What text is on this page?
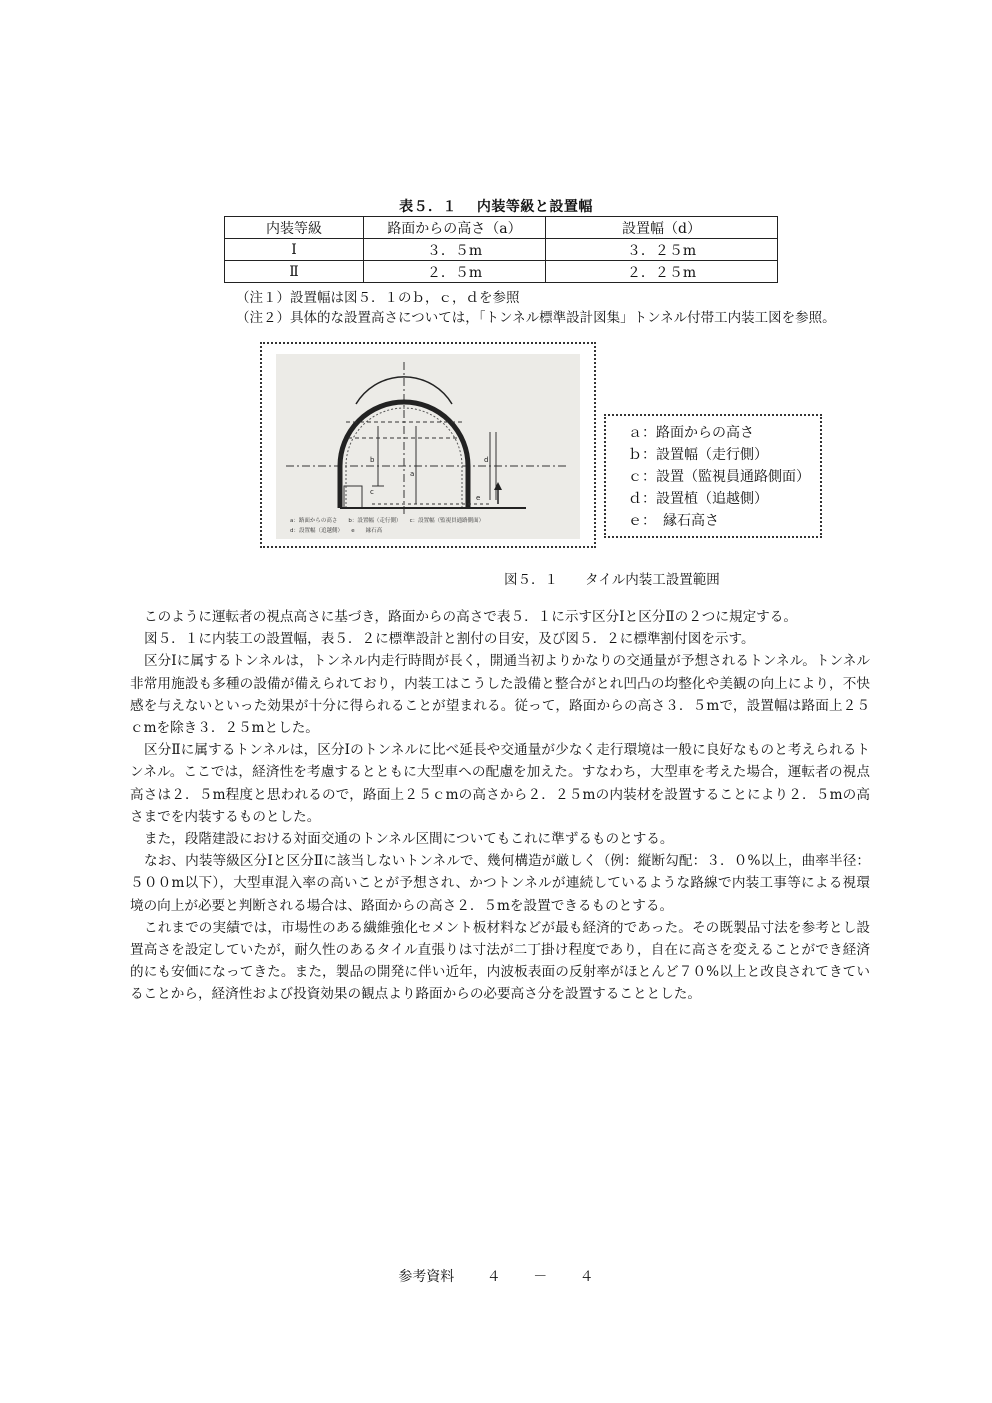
表５．１　 内装等級と設置幅
内装等級	路面からの高さ（a）	設置幅（d）
Ⅰ	３．５m	３．２５m
Ⅱ	２．５m	２．２５m
（注１）設置幅は図５．１のｂ，ｃ，ｄを参照
（注２）具体的な設置高さについては，「トンネル標準設計図集」トンネル付帯工内装工図を参照。
b	d
a
c
e
a：路面からの高さ　　b：設置幅（走行側）　　c：設置幅（監視員通路側面）
d：設置幅（追越側）　　e　　縁石高
ａ：路面からの高さ
ｂ：設置幅（走行側）
ｃ：設置（監視員通路側面）
ｄ：設置植（追越側）
ｅ：　縁石高さ
図５．１　　タイル内装工設置範囲

このように運転者の視点高さに基づき，路面からの高さで表５．１に示す区分Ⅰと区分Ⅱの２つに規定する。

図５．１に内装工の設置幅，表５．２に標準設計と割付の目安，及び図５．２に標準割付図を示す。

区分Ⅰに属するトンネルは，トンネル内走行時間が長く，開通当初よりかなりの交通量が予想されるトンネル。トンネル非常用施設も多種の設備が備えられており，内装工はこうした設備と整合がとれ凹凸の均整化や美観の向上により，不快感を与えないといった効果が十分に得られることが望まれる。従って，路面からの高さ３．５mで，設置幅は路面上２５ｃmを除き３．２５mとした。

区分Ⅱに属するトンネルは，区分Ⅰのトンネルに比べ延長や交通量が少なく走行環境は一般に良好なものと考えられるトンネル。ここでは，経済性を考慮するとともに大型車への配慮を加えた。すなわち，大型車を考えた場合，運転者の視点高さは２．５m程度と思われるので，路面上２５ｃmの高さから２．２５mの内装材を設置することにより２．５mの高さまでを内装するものとした。

また，段階建設における対面交通のトンネル区間についてもこれに準ずるものとする。

なお、内装等級区分Ⅰと区分Ⅱに該当しないトンネルで、幾何構造が厳しく（例：縦断勾配：３．０%以上，曲率半径：５００m以下），大型車混入率の高いことが予想され、かつトンネルが連続しているような路線で内装工事等による視環境の向上が必要と判断される場合は、路面からの高さ２．５mを設置できるものとする。

これまでの実績では，市場性のある繊維強化セメント板材料などが最も経済的であった。その既製品寸法を参考とし設置高さを設定していたが，耐久性のあるタイル直張りは寸法が二丁掛け程度であり，自在に高さを変えることができ経済的にも安価になってきた。また，製品の開発に伴い近年，内波板表面の反射率がほとんど７０%以上と改良されてきていることから，経済性および投資効果の観点より路面からの必要高さ分を設置することとした。

参考資料 ４ － ４
